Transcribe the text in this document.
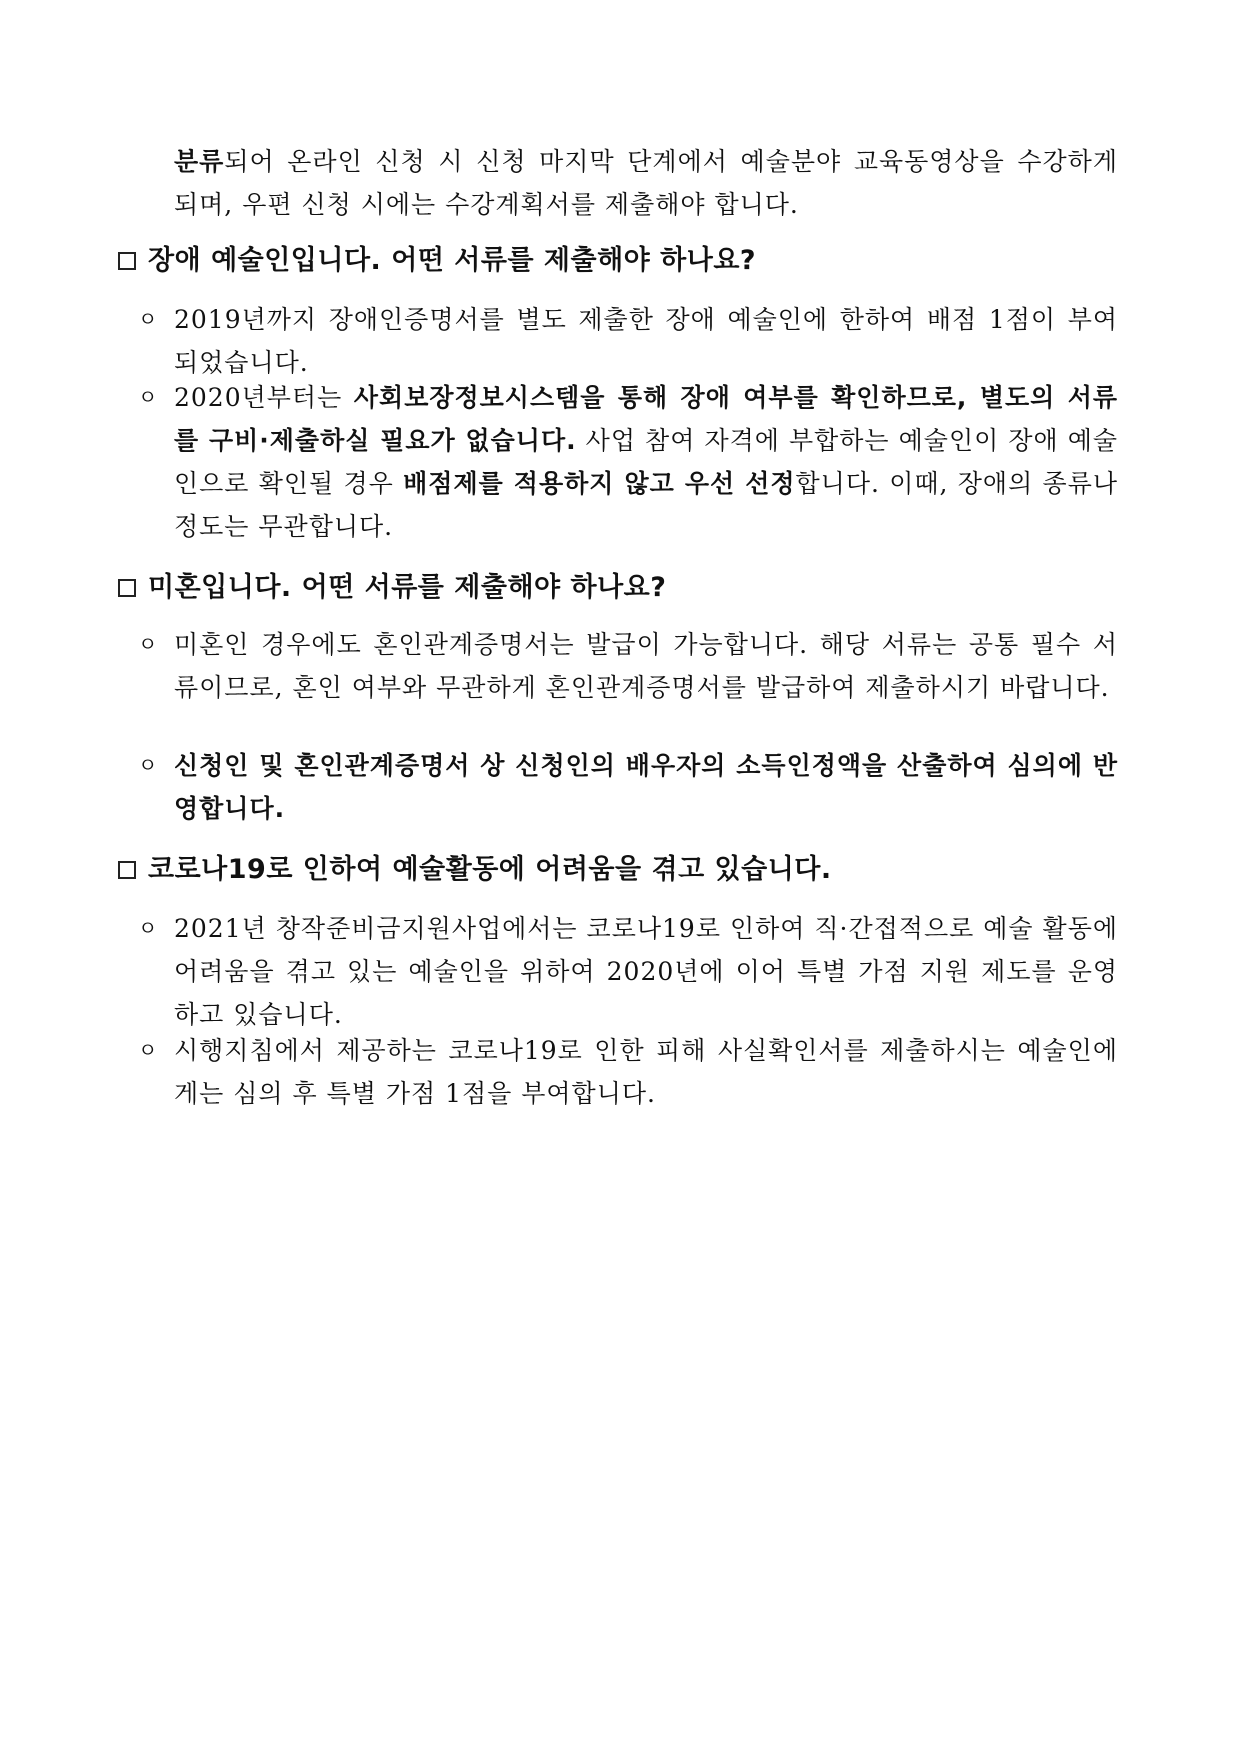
분류되어 온라인 신청 시 신청 마지막 단계에서 예술분야 교육동영상을 수강하게 되며, 우편 신청 시에는 수강계획서를 제출해야 합니다.
장애 예술인입니다. 어떤 서류를 제출해야 하나요?
ㅇ 2019년까지 장애인증명서를 별도 제출한 장애 예술인에 한하여 배점 1점이 부여되었습니다.
ㅇ 2020년부터는 사회보장정보시스템을 통해 장애 여부를 확인하므로, 별도의 서류를 구비·제출하실 필요가 없습니다. 사업 참여 자격에 부합하는 예술인이 장애 예술인으로 확인될 경우 배점제를 적용하지 않고 우선 선정합니다. 이때, 장애의 종류나 정도는 무관합니다.
미혼입니다. 어떤 서류를 제출해야 하나요?
ㅇ 미혼인 경우에도 혼인관계증명서는 발급이 가능합니다. 해당 서류는 공통 필수 서류이므로, 혼인 여부와 무관하게 혼인관계증명서를 발급하여 제출하시기 바랍니다.
ㅇ 신청인 및 혼인관계증명서 상 신청인의 배우자의 소득인정액을 산출하여 심의에 반영합니다.
코로나19로 인하여 예술활동에 어려움을 겪고 있습니다.
ㅇ 2021년 창작준비금지원사업에서는 코로나19로 인하여 직·간접적으로 예술 활동에 어려움을 겪고 있는 예술인을 위하여 2020년에 이어 특별 가점 지원 제도를 운영하고 있습니다.
ㅇ 시행지침에서 제공하는 코로나19로 인한 피해 사실확인서를 제출하시는 예술인에게는 심의 후 특별 가점 1점을 부여합니다.
